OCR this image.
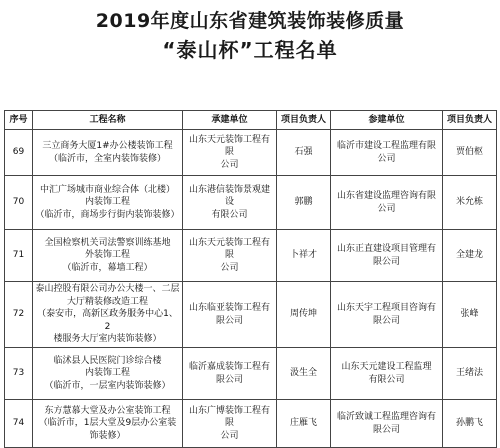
2019年度山东省建筑装饰装修质量
“泰山杯”工程名单
序号	工程名称	承建单位	项目负责人	参建单位	项目负责人
69	三立商务大厦1#办公楼装饰工程
（临沂市，全室内装饰装修）	山东天元装饰工程有限
公司	石强	临沂市建设工程监理有限
公司	贾伯枢
70	中汇广场城市商业综合体（北楼）
内装饰工程
（临沂市，商场步行街内装饰装修）	山东港信装饰景观建设
有限公司	郭鹏	山东省建设监理咨询有限
公司	米允栋
71	全国检察机关司法警察训练基地
外装饰工程
（临沂市，幕墙工程）	山东天元装饰工程有限
公司	卜祥才	山东正直建设项目管理有
限公司	全建龙
72	泰山控股有限公司办公大楼一、二层
大厅精装修改造工程
（泰安市，高新区政务服务中心1、2
楼服务大厅室内装饰装修）	山东临亚装饰工程有限公司	周传坤	山东天宇工程项目咨询有
限公司	张峰
73	临沭县人民医院门诊综合楼
内装饰工程
（临沂市，一层室内装饰装修）	临沂嘉成装饰工程有限公司	汲生全	山东天元建设工程监理
有限公司	王绪法
74	东方慧慕大堂及办公室装饰工程
（临沂市，1层大堂及9层办公室装
饰装修）	山东广博装饰工程有限
公司	庄雁飞	临沂致诚工程监理咨询有
限公司	孙鹏飞
